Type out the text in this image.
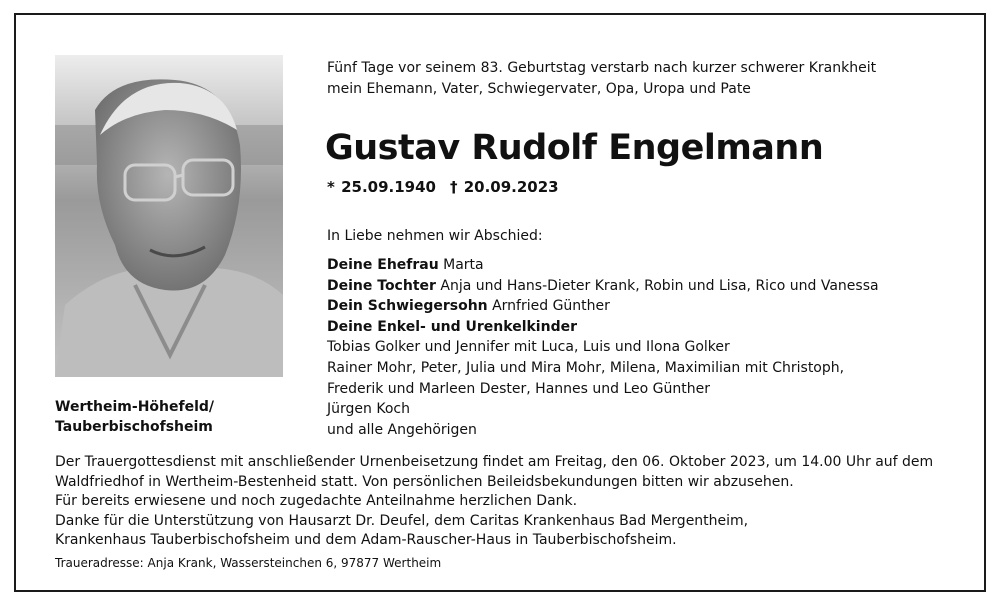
Wertheim-Höhefeld/
Tauberbischofsheim
Fünf Tage vor seinem 83. Geburtstag verstarb nach kurzer schwerer Krankheit
mein Ehemann, Vater, Schwiegervater, Opa, Uropa und Pate
Gustav Rudolf Engelmann
* 25.09.1940 † 20.09.2023
In Liebe nehmen wir Abschied:
Deine Ehefrau Marta
Deine Tochter Anja und Hans-Dieter Krank, Robin und Lisa, Rico und Vanessa
Dein Schwiegersohn Arnfried Günther
Deine Enkel- und Urenkelkinder
Tobias Golker und Jennifer mit Luca, Luis und Ilona Golker
Rainer Mohr, Peter, Julia und Mira Mohr, Milena, Maximilian mit Christoph,
Frederik und Marleen Dester, Hannes und Leo Günther
Jürgen Koch
und alle Angehörigen

Der Trauergottesdienst mit anschließender Urnenbeisetzung findet am Freitag, den 06. Oktober 2023, um 14.00 Uhr auf dem

Waldfriedhof in Wertheim-Bestenheid statt. Von persönlichen Beileidsbekundungen bitten wir abzusehen.

Für bereits erwiesene und noch zugedachte Anteilnahme herzlichen Dank.

Danke für die Unterstützung von Hausarzt Dr. Deufel, dem Caritas Krankenhaus Bad Mergentheim,

Krankenhaus Tauberbischofsheim und dem Adam-Rauscher-Haus in Tauberbischofsheim.

Traueradresse: Anja Krank, Wassersteinchen 6, 97877 Wertheim
